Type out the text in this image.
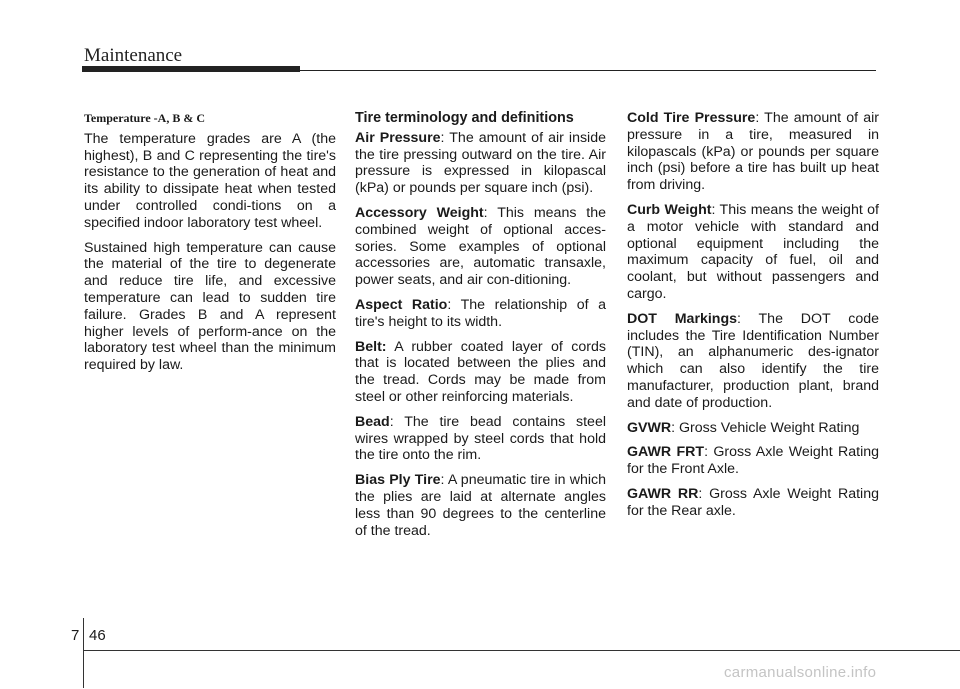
Maintenance
Temperature -A, B & C

The temperature grades are A (the highest), B and C representing the tire's resistance to the generation of heat and its ability to dissipate heat when tested under controlled condi-tions on a specified indoor laboratory test wheel.

Sustained high temperature can cause the material of the tire to degenerate and reduce tire life, and excessive temperature can lead to sudden tire failure. Grades B and A represent higher levels of perform-ance on the laboratory test wheel than the minimum required by law.

Tire terminology and definitions

Air Pressure: The amount of air inside the tire pressing outward on the tire. Air pressure is expressed in kilopascal (kPa) or pounds per square inch (psi).

Accessory Weight: This means the combined weight of optional acces-sories. Some examples of optional accessories are, automatic transaxle, power seats, and air con-ditioning.

Aspect Ratio: The relationship of a tire's height to its width.

Belt: A rubber coated layer of cords that is located between the plies and the tread. Cords may be made from steel or other reinforcing materials.

Bead: The tire bead contains steel wires wrapped by steel cords that hold the tire onto the rim.

Bias Ply Tire: A pneumatic tire in which the plies are laid at alternate angles less than 90 degrees to the centerline of the tread.

Cold Tire Pressure: The amount of air pressure in a tire, measured in kilopascals (kPa) or pounds per square inch (psi) before a tire has built up heat from driving.

Curb Weight: This means the weight of a motor vehicle with standard and optional equipment including the maximum capacity of fuel, oil and coolant, but without passengers and cargo.

DOT Markings: The DOT code includes the Tire Identification Number (TIN), an alphanumeric des-ignator which can also identify the tire manufacturer, production plant, brand and date of production.

GVWR: Gross Vehicle Weight Rating

GAWR FRT: Gross Axle Weight Rating for the Front Axle.

GAWR RR: Gross Axle Weight Rating for the Rear axle.

7 46
carmanualsonline.info
